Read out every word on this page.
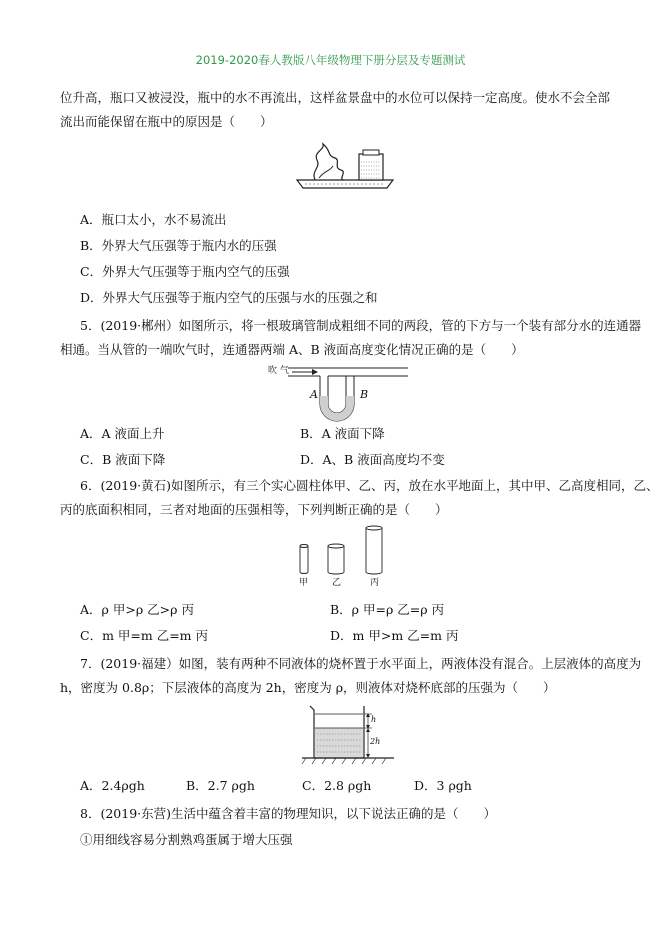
2019-2020春人教版八年级物理下册分层及专题测试
位升高，瓶口又被浸没，瓶中的水不再流出，这样盆景盘中的水位可以保持一定高度。使水不会全部
流出而能保留在瓶中的原因是（　　）
A．瓶口太小，水不易流出
B．外界大气压强等于瓶内水的压强
C．外界大气压强等于瓶内空气的压强
D．外界大气压强等于瓶内空气的压强与水的压强之和
5．(2019·郴州）如图所示，将一根玻璃管制成粗细不同的两段，管的下方与一个装有部分水的连通器
相通。当从管的一端吹气时，连通器两端 A、B 液面高度变化情况正确的是（　　）
吹 气
A	B
A．A 液面上升	B．A 液面下降
C．B 液面下降	D．A、B 液面高度均不变
6．(2019·黄石)如图所示，有三个实心圆柱体甲、乙、丙，放在水平地面上，其中甲、乙高度相同，乙、
丙的底面积相同，三者对地面的压强相等，下列判断正确的是（　　）
甲	乙	丙
A．ρ 甲>ρ 乙>ρ 丙	B．ρ 甲=ρ 乙=ρ 丙
C．m 甲=m 乙=m 丙	D．m 甲>m 乙=m 丙
7．(2019·福建）如图，装有两种不同液体的烧杯置于水平面上，两液体没有混合。上层液体的高度为
h，密度为 0.8ρ；下层液体的高度为 2h，密度为 ρ，则液体对烧杯底部的压强为（　　）
h
2h
A．2.4ρgh	B．2.7 ρgh	C．2.8 ρgh	D．3 ρgh
8．(2019·东营)生活中蕴含着丰富的物理知识，以下说法正确的是（　　）
①用细线容易分割熟鸡蛋属于增大压强
